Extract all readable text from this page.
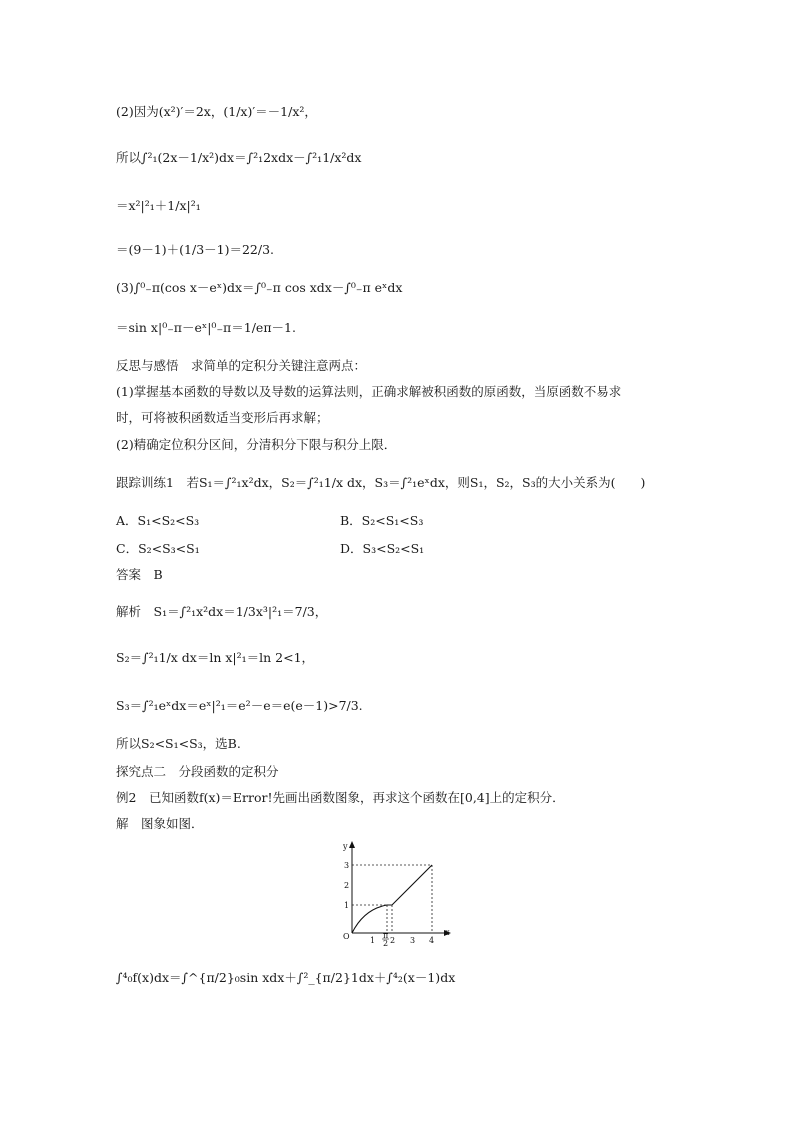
(2)因为(x²)′＝2x，(1/x)′＝－1/x²，
所以∫²₁(2x－1/x²)dx＝∫²₁2xdx－∫²₁1/x²dx
＝x²|²₁＋1/x|²₁
＝(9－1)＋(1/3－1)＝22/3.
(3)∫⁰₋π(cos x－eˣ)dx＝∫⁰₋π cos xdx－∫⁰₋π eˣdx
＝sin x|⁰₋π－eˣ|⁰₋π＝1/eπ－1.
反思与感悟　求简单的定积分关键注意两点：
(1)掌握基本函数的导数以及导数的运算法则，正确求解被积函数的原函数，当原函数不易求
时，可将被积函数适当变形后再求解；
(2)精确定位积分区间，分清积分下限与积分上限．
跟踪训练1　若S₁＝∫²₁x²dx，S₂＝∫²₁1/x dx，S₃＝∫²₁eˣdx，则S₁，S₂，S₃的大小关系为(　　)
A．S₁<S₂<S₃	B．S₂<S₁<S₃
C．S₂<S₃<S₁	D．S₃<S₂<S₁
答案　B
解析　S₁＝∫²₁x²dx＝1/3x³|²₁＝7/3，
S₂＝∫²₁1/x dx＝ln x|²₁＝ln 2<1，
S₃＝∫²₁eˣdx＝eˣ|²₁＝e²－e＝e(e－1)>7/3.
所以S₂<S₁<S₃，选B.
探究点二　分段函数的定积分
例2　已知函数f(x)＝Error!先画出函数图象，再求这个函数在[0,4]上的定积分．
解　图象如图．
y
x
O
1
2
3
1 2 3 4
π
2
∫⁴₀f(x)dx＝∫^{π/2}₀sin xdx＋∫²_{π/2}1dx＋∫⁴₂(x－1)dx
